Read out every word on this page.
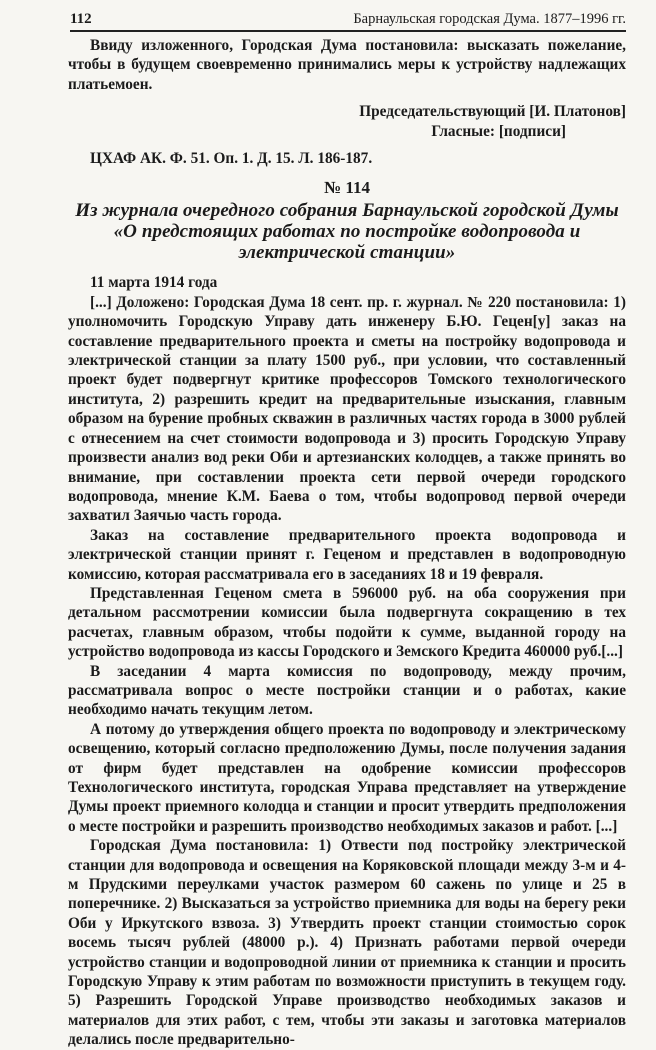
112	Барнаульская городская Дума. 1877–1996 гг.

Ввиду изложенного, Городская Дума постановила: высказать пожелание, чтобы в будущем своевременно принимались меры к устройству надлежащих платьемоен.

Председательствующий [И. Платонов]

Гласные: [подписи]

ЦХАФ АК. Ф. 51. Оп. 1. Д. 15. Л. 186-187.

№ 114
Из журнала очередного собрания Барнаульской городской Думы «О предстоящих работах по постройке водопровода и электрической станции»

11 марта 1914 года

[...] Доложено: Городская Дума 18 сент. пр. г. журнал. № 220 постановила: 1) уполномочить Городскую Управу дать инженеру Б.Ю. Гецен[у] заказ на составление предварительного проекта и сметы на постройку водопровода и электрической станции за плату 1500 руб., при условии, что составленный проект будет подвергнут критике профессоров Томского технологического института, 2) разрешить кредит на предварительные изыскания, главным образом на бурение пробных скважин в различных частях города в 3000 рублей с отнесением на счет стоимости водопровода и 3) просить Городскую Управу произвести анализ вод реки Оби и артезианских колодцев, а также принять во внимание, при составлении проекта сети первой очереди городского водопровода, мнение К.М. Баева о том, чтобы водопровод первой очереди захватил Заячью часть города.

Заказ на составление предварительного проекта водопровода и электрической станции принят г. Геценом и представлен в водопроводную комиссию, которая рассматривала его в заседаниях 18 и 19 февраля.

Представленная Геценом смета в 596000 руб. на оба сооружения при детальном рассмотрении комиссии была подвергнута сокращению в тех расчетах, главным образом, чтобы подойти к сумме, выданной городу на устройство водопровода из кассы Городского и Земского Кредита 460000 руб.[...]

В заседании 4 марта комиссия по водопроводу, между прочим, рассматривала вопрос о месте постройки станции и о работах, какие необходимо начать текущим летом.

А потому до утверждения общего проекта по водопроводу и электрическому освещению, который согласно предположению Думы, после получения задания от фирм будет представлен на одобрение комиссии профессоров Технологического института, городская Управа представляет на утверждение Думы проект приемного колодца и станции и просит утвердить предположения о месте постройки и разрешить производство необходимых заказов и работ. [...]

Городская Дума постановила: 1) Отвести под постройку электрической станции для водопровода и освещения на Коряковской площади между 3-м и 4-м Прудскими переулками участок размером 60 сажень по улице и 25 в поперечнике. 2) Высказаться за устройство приемника для воды на берегу реки Оби у Иркутского взвоза. 3) Утвердить проект станции стоимостью сорок восемь тысяч рублей (48000 р.). 4) Признать работами первой очереди устройство станции и водопроводной линии от приемника к станции и просить Городскую Управу к этим работам по возможности приступить в текущем году. 5) Разрешить Городской Управе производство необходимых заказов и материалов для этих работ, с тем, чтобы эти заказы и заготовка материалов делались после предварительно-
